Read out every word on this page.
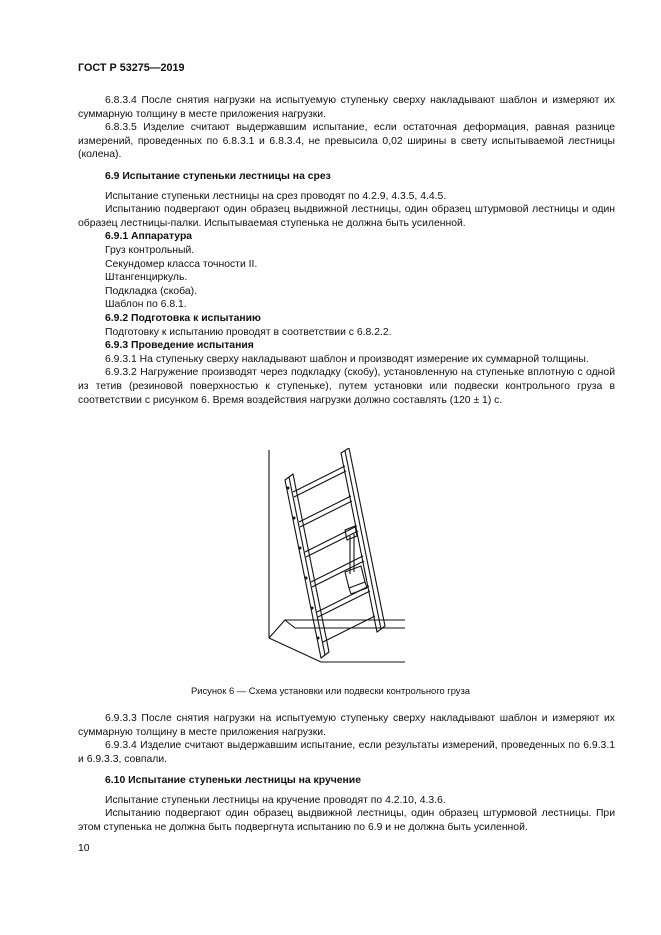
ГОСТ Р 53275—2019

6.8.3.4 После снятия нагрузки на испытуемую ступеньку сверху накладывают шаблон и измеряют их суммарную толщину в месте приложения нагрузки.

6.8.3.5 Изделие считают выдержавшим испытание, если остаточная деформация, равная разнице измерений, проведенных по 6.8.3.1 и 6.8.3.4, не превысила 0,02 ширины в свету испытываемой лестницы (колена).

6.9 Испытание ступеньки лестницы на срез

Испытание ступеньки лестницы на срез проводят по 4.2.9, 4.3.5, 4.4.5.

Испытанию подвергают один образец выдвижной лестницы, один образец штурмовой лестницы и один образец лестницы-палки. Испытываемая ступенька не должна быть усиленной.

6.9.1 Аппаратура

Груз контрольный.

Секундомер класса точности II.

Штангенциркуль.

Подкладка (скоба).

Шаблон по 6.8.1.

6.9.2 Подготовка к испытанию

Подготовку к испытанию проводят в соответствии с 6.8.2.2.

6.9.3 Проведение испытания

6.9.3.1 На ступеньку сверху накладывают шаблон и производят измерение их суммарной толщины.

6.9.3.2 Нагружение производят через подкладку (скобу), установленную на ступеньке вплотную с одной из тетив (резиновой поверхностью к ступеньке), путем установки или подвески контрольного груза в соответствии с рисунком 6. Время воздействия нагрузки должно составлять (120 ± 1) с.

Рисунок 6 — Схема установки или подвески контрольного груза

6.9.3.3 После снятия нагрузки на испытуемую ступеньку сверху накладывают шаблон и измеряют их суммарную толщину в месте приложения нагрузки.

6.9.3.4 Изделие считают выдержавшим испытание, если результаты измерений, проведенных по 6.9.3.1 и 6.9.3.3, совпали.

6.10 Испытание ступеньки лестницы на кручение

Испытание ступеньки лестницы на кручение проводят по 4.2.10, 4.3.6.

Испытанию подвергают один образец выдвижной лестницы, один образец штурмовой лестницы. При этом ступенька не должна быть подвергнута испытанию по 6.9 и не должна быть усиленной.

10
